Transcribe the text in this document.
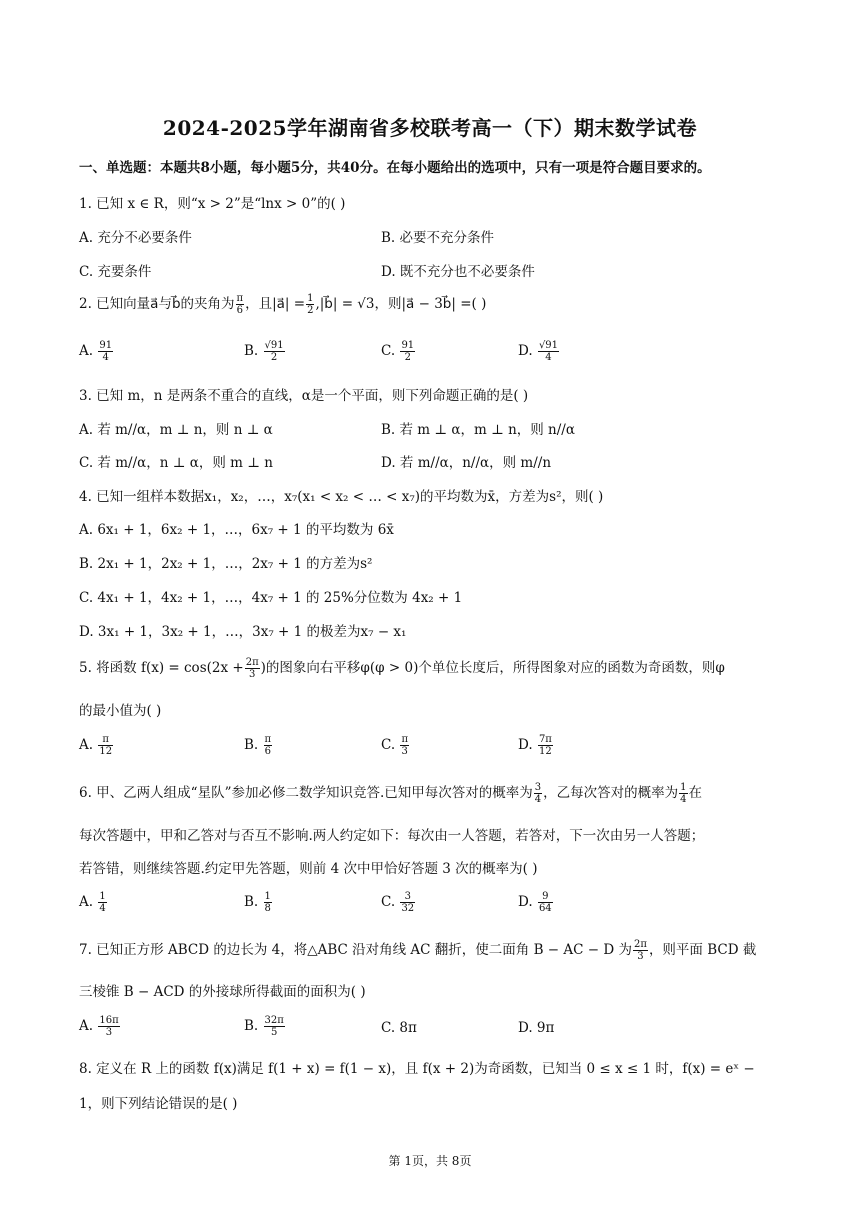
2024-2025学年湖南省多校联考高一（下）期末数学试卷
一、单选题：本题共8小题，每小题5分，共40分。在每小题给出的选项中，只有一项是符合题目要求的。
1. 已知 x ∈ R，则“x > 2”是“lnx > 0”的( )
A. 充分不必要条件	B. 必要不充分条件
C. 充要条件	D. 既不充分也不必要条件
2. 已知向量a⃗与b⃗的夹角为 $\frac{\pi}{6}$ ，且|a⃗| = $\frac{1}{2}$ ,|b⃗| = √3，则|a⃗ − 3b⃗| =( )
A. $\frac{91}{4}$	B. $\frac{√91}{2}$	C. $\frac{91}{2}$	D. $\frac{√91}{4}$
3. 已知 m，n 是两条不重合的直线，α是一个平面，则下列命题正确的是( )
A. 若 m//α，m ⊥ n，则 n ⊥ α	B. 若 m ⊥ α，m ⊥ n，则 n//α
C. 若 m//α，n ⊥ α，则 m ⊥ n	D. 若 m//α，n//α，则 m//n
4. 已知一组样本数据x₁，x₂，…，x₇(x₁ < x₂ < … < x₇)的平均数为x̄，方差为s²，则( )
A. 6x₁ + 1，6x₂ + 1，…，6x₇ + 1 的平均数为 6x̄
B. 2x₁ + 1，2x₂ + 1，…，2x₇ + 1 的方差为s²
C. 4x₁ + 1，4x₂ + 1，…，4x₇ + 1 的 25%分位数为 4x₂ + 1
D. 3x₁ + 1，3x₂ + 1，…，3x₇ + 1 的极差为x₇ − x₁
5. 将函数 $f(x) = \cos(2x + \frac{2\pi}{3}$ )的图象向右平移φ(φ > 0)个单位长度后，所得图象对应的函数为奇函数，则φ
的最小值为( )
A. $\frac{\pi}{12}$	B. $\frac{\pi}{6}$	C. $\frac{\pi}{3}$	D. $\frac{7\pi}{12}$
6. 甲、乙两人组成“星队”参加必修二数学知识竞答.已知甲每次答对的概率为 $\frac{3}{4}$ ，乙每次答对的概率为 $\frac{1}{4}$ 在
每次答题中，甲和乙答对与否互不影响.两人约定如下：每次由一人答题，若答对，下一次由另一人答题；
若答错，则继续答题.约定甲先答题，则前 4 次中甲恰好答题 3 次的概率为( )
A. $\frac{1}{4}$	B. $\frac{1}{8}$	C. $\frac{3}{32}$	D. $\frac{9}{64}$
7. 已知正方形 ABCD 的边长为 4，将△ABC 沿对角线 AC 翻折，使二面角 B − AC − D 为 $\frac{2\pi}{3}$ ，则平面 BCD 截
三棱锥 B − ACD 的外接球所得截面的面积为( )
A. $\frac{16\pi}{3}$	B. $\frac{32\pi}{5}$	C. 8π	D. 9π
8. 定义在 R 上的函数 f(x)满足 f(1 + x) = f(1 − x)，且 f(x + 2)为奇函数，已知当 0 ≤ x ≤ 1 时，f(x) = eˣ −
1，则下列结论错误的是( )
第 1页，共 8页
